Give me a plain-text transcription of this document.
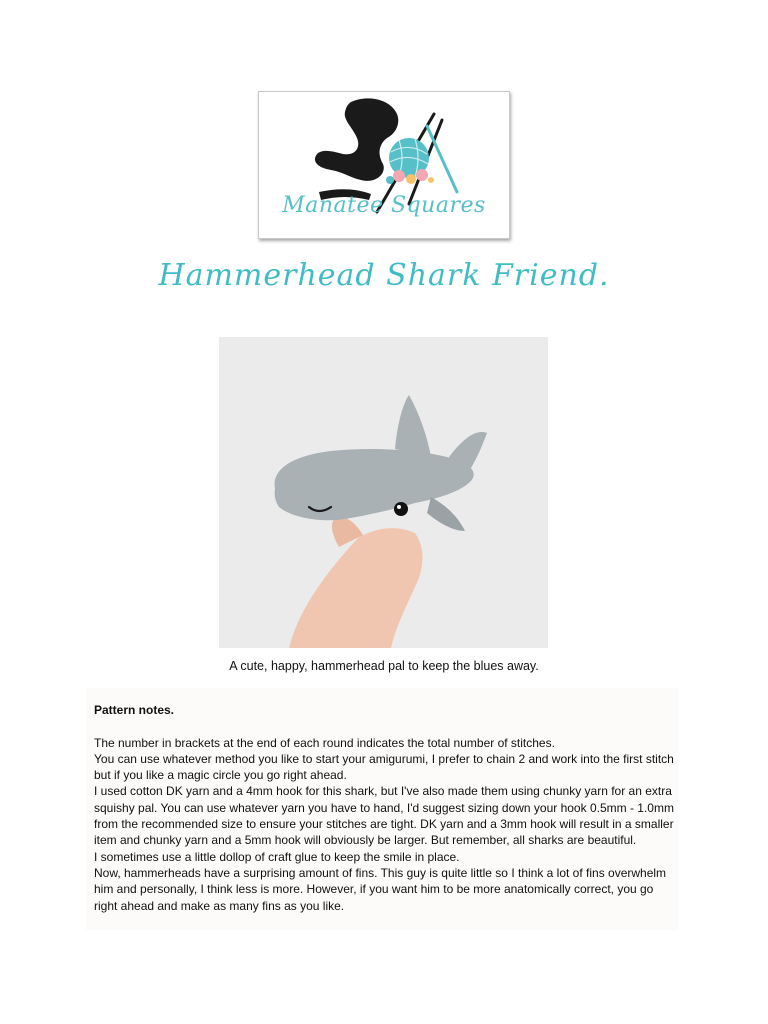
Manatee Squares
Hammerhead Shark Friend.
A cute, happy, hammerhead pal to keep the blues away.

Pattern notes.

The number in brackets at the end of each round indicates the total number of stitches.

You can use whatever method you like to start your amigurumi, I prefer to chain 2 and work into the first stitch but if you like a magic circle you go right ahead.

I used cotton DK yarn and a 4mm hook for this shark, but I've also made them using chunky yarn for an extra squishy pal. You can use whatever yarn you have to hand, I'd suggest sizing down your hook 0.5mm - 1.0mm from the recommended size to ensure your stitches are tight. DK yarn and a 3mm hook will result in a smaller item and chunky yarn and a 5mm hook will obviously be larger. But remember, all sharks are beautiful.

I sometimes use a little dollop of craft glue to keep the smile in place.

Now, hammerheads have a surprising amount of fins. This guy is quite little so I think a lot of fins overwhelm him and personally, I think less is more. However, if you want him to be more anatomically correct, you go right ahead and make as many fins as you like.
